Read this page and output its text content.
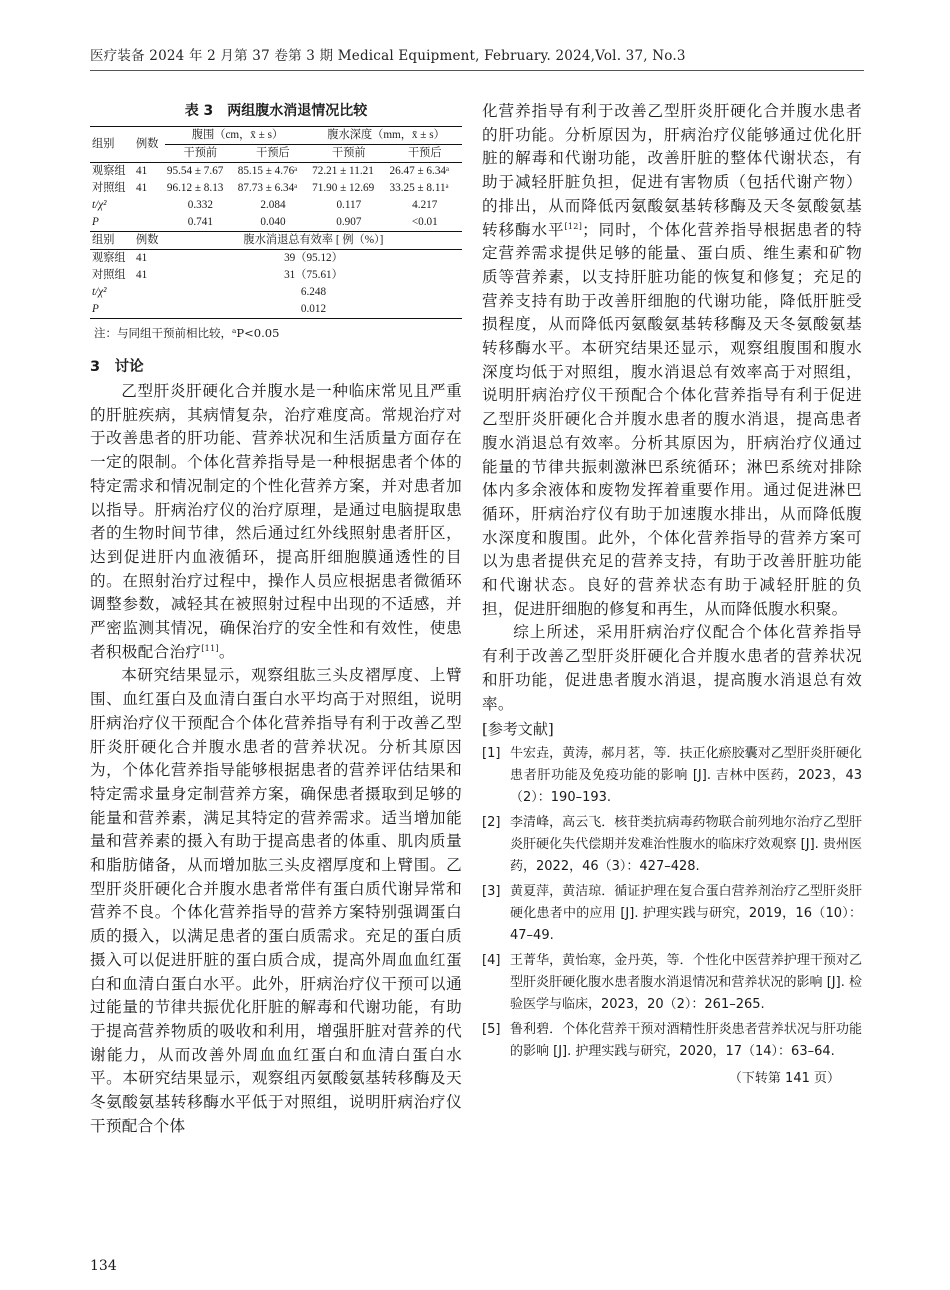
医疗装备 2024 年 2 月第 37 卷第 3 期 Medical Equipment, February. 2024,Vol. 37, No.3
表 3　两组腹水消退情况比较
组别	例数	腹围（cm，x̄ ± s）		腹水深度（mm，x̄ ± s）	
		干预前	干预后	干预前	干预后
观察组	41	95.54 ± 7.67	85.15 ± 4.76ᵃ	72.21 ± 11.21	26.47 ± 6.34ᵃ
对照组	41	96.12 ± 8.13	87.73 ± 6.34ᵃ	71.90 ± 12.69	33.25 ± 8.11ᵃ
t/χ²		0.332	2.084	0.117	4.217
P		0.741	0.040	0.907	<0.01
组别	例数	腹水消退总有效率 [ 例（%）]			
观察组	41	39（95.12）			
对照组	41	31（75.61）			
t/χ²		6.248			
P		0.012			
注：与同组干预前相比较，ᵃP<0.05
3　讨论

乙型肝炎肝硬化合并腹水是一种临床常见且严重的肝脏疾病，其病情复杂，治疗难度高。常规治疗对于改善患者的肝功能、营养状况和生活质量方面存在一定的限制。个体化营养指导是一种根据患者个体的特定需求和情况制定的个性化营养方案，并对患者加以指导。肝病治疗仪的治疗原理，是通过电脑提取患者的生物时间节律，然后通过红外线照射患者肝区，达到促进肝内血液循环，提高肝细胞膜通透性的目的。在照射治疗过程中，操作人员应根据患者微循环调整参数，减轻其在被照射过程中出现的不适感，并严密监测其情况，确保治疗的安全性和有效性，使患者积极配合治疗[11]。

本研究结果显示，观察组肱三头皮褶厚度、上臂围、血红蛋白及血清白蛋白水平均高于对照组，说明肝病治疗仪干预配合个体化营养指导有利于改善乙型肝炎肝硬化合并腹水患者的营养状况。分析其原因为，个体化营养指导能够根据患者的营养评估结果和特定需求量身定制营养方案，确保患者摄取到足够的能量和营养素，满足其特定的营养需求。适当增加能量和营养素的摄入有助于提高患者的体重、肌肉质量和脂肪储备，从而增加肱三头皮褶厚度和上臂围。乙型肝炎肝硬化合并腹水患者常伴有蛋白质代谢异常和营养不良。个体化营养指导的营养方案特别强调蛋白质的摄入，以满足患者的蛋白质需求。充足的蛋白质摄入可以促进肝脏的蛋白质合成，提高外周血血红蛋白和血清白蛋白水平。此外，肝病治疗仪干预可以通过能量的节律共振优化肝脏的解毒和代谢功能，有助于提高营养物质的吸收和利用，增强肝脏对营养的代谢能力，从而改善外周血血红蛋白和血清白蛋白水平。本研究结果显示，观察组丙氨酸氨基转移酶及天冬氨酸氨基转移酶水平低于对照组，说明肝病治疗仪干预配合个体

化营养指导有利于改善乙型肝炎肝硬化合并腹水患者的肝功能。分析原因为，肝病治疗仪能够通过优化肝脏的解毒和代谢功能，改善肝脏的整体代谢状态，有助于减轻肝脏负担，促进有害物质（包括代谢产物）的排出，从而降低丙氨酸氨基转移酶及天冬氨酸氨基转移酶水平[12]；同时，个体化营养指导根据患者的特定营养需求提供足够的能量、蛋白质、维生素和矿物质等营养素，以支持肝脏功能的恢复和修复；充足的营养支持有助于改善肝细胞的代谢功能，降低肝脏受损程度，从而降低丙氨酸氨基转移酶及天冬氨酸氨基转移酶水平。本研究结果还显示，观察组腹围和腹水深度均低于对照组，腹水消退总有效率高于对照组，说明肝病治疗仪干预配合个体化营养指导有利于促进乙型肝炎肝硬化合并腹水患者的腹水消退，提高患者腹水消退总有效率。分析其原因为，肝病治疗仪通过能量的节律共振刺激淋巴系统循环；淋巴系统对排除体内多余液体和废物发挥着重要作用。通过促进淋巴循环，肝病治疗仪有助于加速腹水排出，从而降低腹水深度和腹围。此外，个体化营养指导的营养方案可以为患者提供充足的营养支持，有助于改善肝脏功能和代谢状态。良好的营养状态有助于减轻肝脏的负担，促进肝细胞的修复和再生，从而降低腹水积聚。

综上所述，采用肝病治疗仪配合个体化营养指导有利于改善乙型肝炎肝硬化合并腹水患者的营养状况和肝功能，促进患者腹水消退，提高腹水消退总有效率。

[参考文献]
[1] 牛宏垚，黄涛，郝月茗，等．扶正化瘀胶囊对乙型肝炎肝硬化患者肝功能及免疫功能的影响 [J]. 吉林中医药，2023，43（2）：190–193.
[2] 李清峰，高云飞．核苷类抗病毒药物联合前列地尔治疗乙型肝炎肝硬化失代偿期并发难治性腹水的临床疗效观察 [J]. 贵州医药，2022，46（3）：427–428.
[3] 黄夏萍，黄洁琼．循证护理在复合蛋白营养剂治疗乙型肝炎肝硬化患者中的应用 [J]. 护理实践与研究，2019，16（10）：47–49.
[4] 王菁华，黄怡寒，金丹英，等．个性化中医营养护理干预对乙型肝炎肝硬化腹水患者腹水消退情况和营养状况的影响 [J]. 检验医学与临床，2023，20（2）：261–265.
[5] 鲁利碧．个体化营养干预对酒精性肝炎患者营养状况与肝功能的影响 [J]. 护理实践与研究，2020，17（14）：63–64.
（下转第 141 页）
134
